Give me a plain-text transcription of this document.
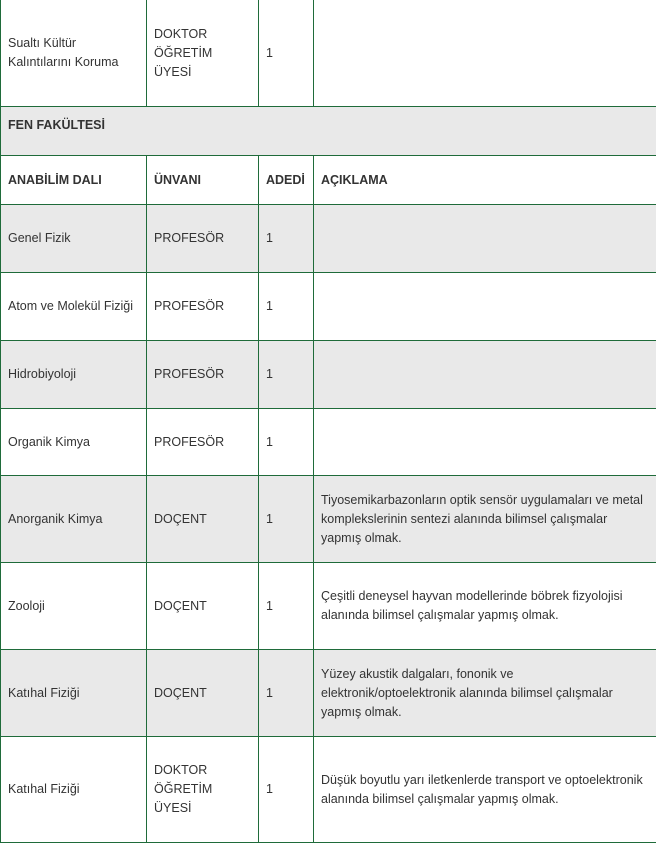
Sualtı Kültür Kalıntılarını Koruma	DOKTOR ÖĞRETİM ÜYESİ	1	
FEN FAKÜLTESİ			
ANABİLİM DALI	ÜNVANI	ADEDİ	AÇIKLAMA
Genel Fizik	PROFESÖR	1	
Atom ve Molekül Fiziği	PROFESÖR	1	
Hidrobiyoloji	PROFESÖR	1	
Organik Kimya	PROFESÖR	1	
Anorganik Kimya	DOÇENT	1	Tiyosemikarbazonların optik sensör uygulamaları ve metal komplekslerinin sentezi alanında bilimsel çalışmalar yapmış olmak.
Zooloji	DOÇENT	1	Çeşitli deneysel hayvan modellerinde böbrek fizyolojisi alanında bilimsel çalışmalar yapmış olmak.
Katıhal Fiziği	DOÇENT	1	Yüzey akustik dalgaları, fononik ve elektronik/optoelektronik alanında bilimsel çalışmalar yapmış olmak.
Katıhal Fiziği	DOKTOR ÖĞRETİM ÜYESİ	1	Düşük boyutlu yarı iletkenlerde transport ve optoelektronik alanında bilimsel çalışmalar yapmış olmak.
